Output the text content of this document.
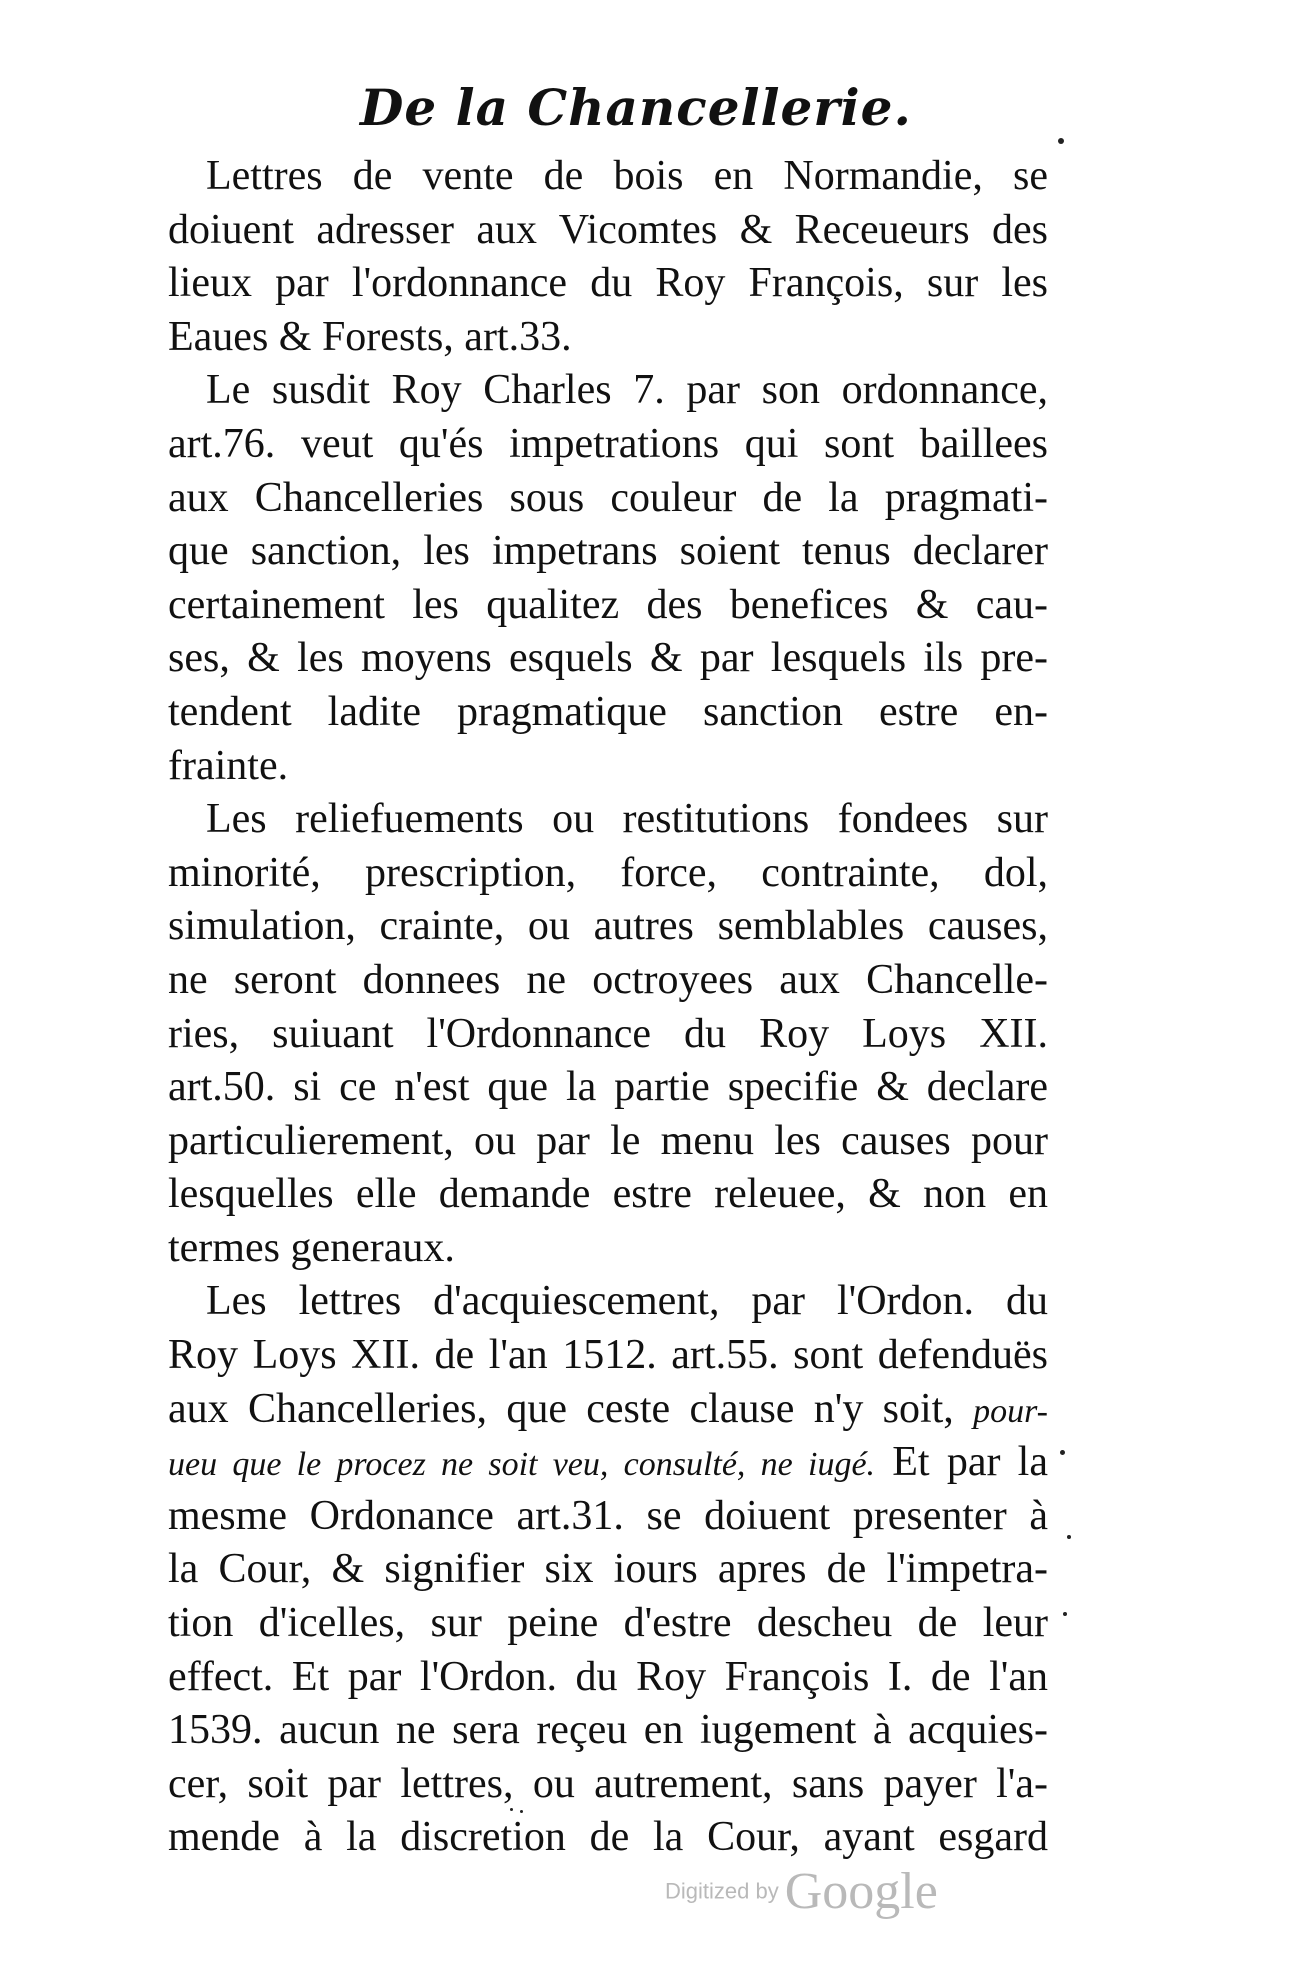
De la Chancellerie.
Lettres de vente de bois en Normandie, se
doiuent adresser aux Vicomtes & Receueurs des
lieux par l'ordonnance du Roy François, sur les
Eaues & Forests, art.33.
Le susdit Roy Charles 7. par son ordonnance,
art.76. veut qu'és impetrations qui sont baillees
aux Chancelleries sous couleur de la pragmati-
que sanction, les impetrans soient tenus declarer
certainement les qualitez des benefices & cau-
ses, & les moyens esquels & par lesquels ils pre-
tendent ladite pragmatique sanction estre en-
frainte.
Les reliefuements ou restitutions fondees sur
minorité, prescription, force, contrainte, dol,
simulation, crainte, ou autres semblables causes,
ne seront donnees ne octroyees aux Chancelle-
ries, suiuant l'Ordonnance du Roy Loys XII.
art.50. si ce n'est que la partie specifie & declare
particulierement, ou par le menu les causes pour
lesquelles elle demande estre releuee, & non en
termes generaux.
Les lettres d'acquiescement, par l'Ordon. du
Roy Loys XII. de l'an 1512. art.55. sont defenduës
aux Chancelleries, que ceste clause n'y soit, pour-
ueu que le procez ne soit veu, consulté, ne iugé. Et par la
mesme Ordonance art.31. se doiuent presenter à
la Cour, & signifier six iours apres de l'impetra-
tion d'icelles, sur peine d'estre descheu de leur
effect. Et par l'Ordon. du Roy François I. de l'an
1539. aucun ne sera reçeu en iugement à acquies-
cer, soit par lettres, ou autrement, sans payer l'a-
mende à la discretion de la Cour, ayant esgard
Digitized by Google
